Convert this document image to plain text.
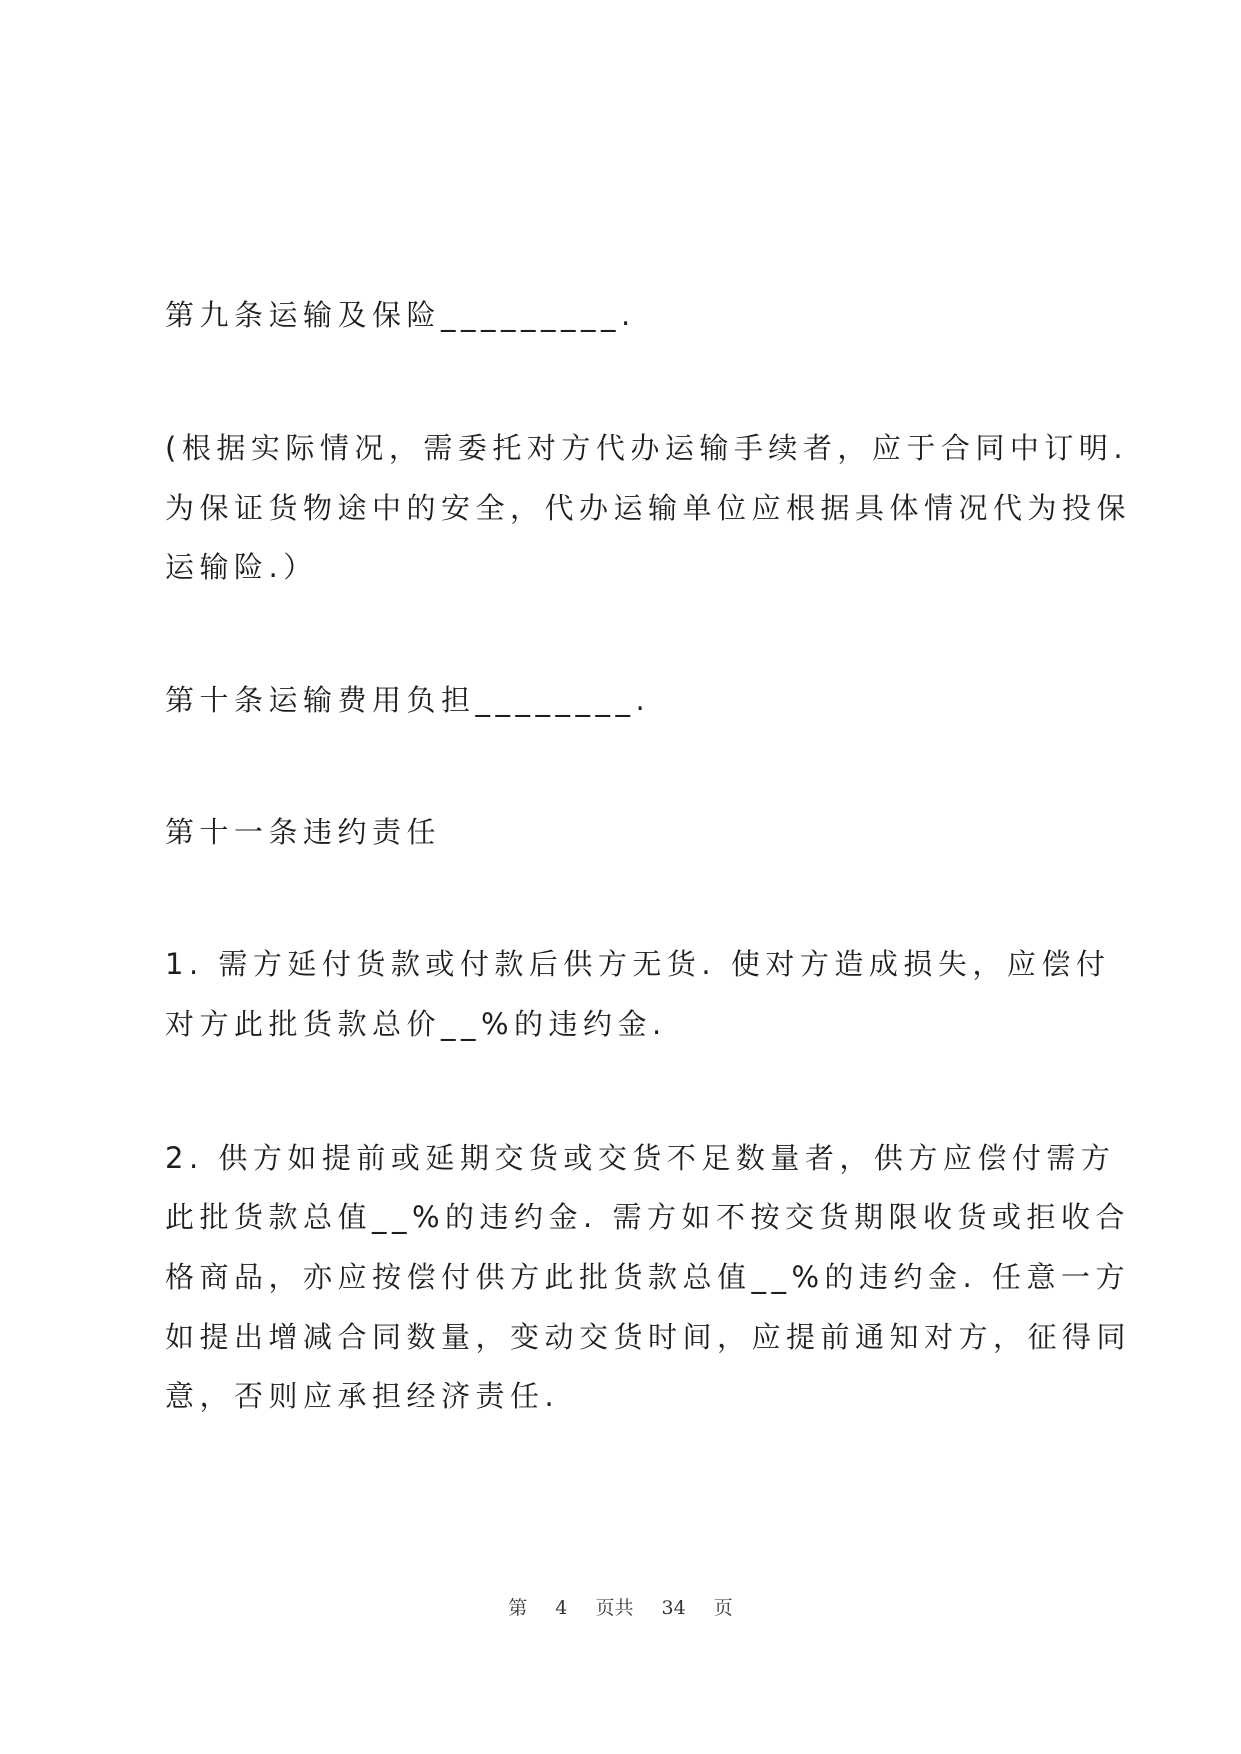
第九条运输及保险_________.
(根据实际情况，需委托对方代办运输手续者，应于合同中订明.
为保证货物途中的安全，代办运输单位应根据具体情况代为投保
运输险.）
第十条运输费用负担________.
第十一条违约责任
1. 需方延付货款或付款后供方无货. 使对方造成损失，应偿付
对方此批货款总价__%的违约金.
2. 供方如提前或延期交货或交货不足数量者，供方应偿付需方
此批货款总值__%的违约金. 需方如不按交货期限收货或拒收合
格商品，亦应按偿付供方此批货款总值__%的违约金. 任意一方
如提出增减合同数量，变动交货时间，应提前通知对方，征得同
意，否则应承担经济责任.
第 4 页共 34 页
